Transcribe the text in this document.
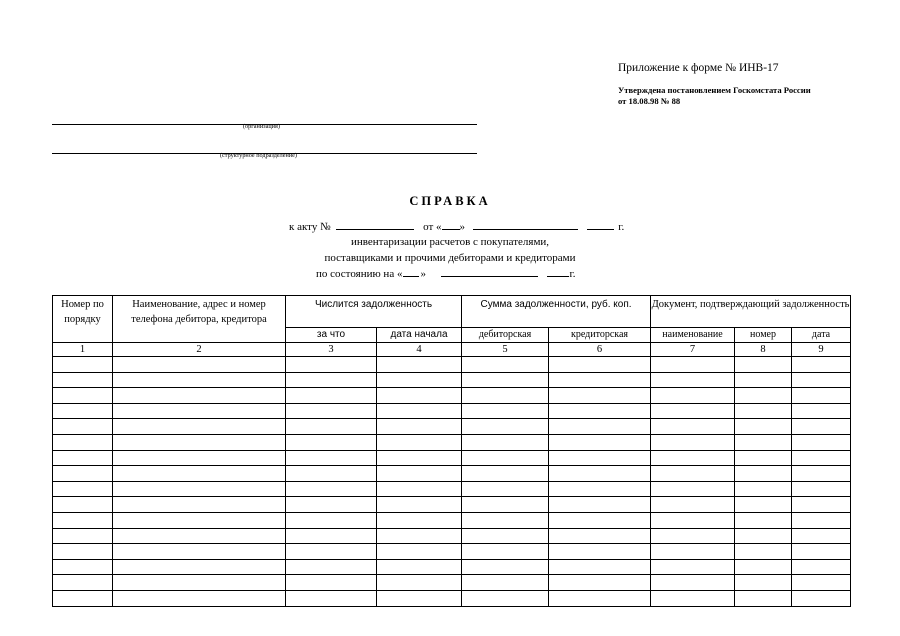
Приложение к форме № ИНВ-17
Утверждена постановлением Госкомстата России
от 18.08.98 № 88
(организация)
(структурное подразделение)
СПРАВКА
к акту №	от « »	г.
инвентаризации расчетов с покупателями,
поставщиками и прочими дебиторами и кредиторами
по состоянию на « »	г.
Номер по порядку	Наименование, адрес и номер телефона дебитора, кредитора	Числится задолженность		Сумма задолженности, руб. коп.		Документ, подтверждающий задолженность		
		за что	дата начала	дебиторская	кредиторская	наименование	номер	дата
1	2	3	4	5	6	7	8	9
